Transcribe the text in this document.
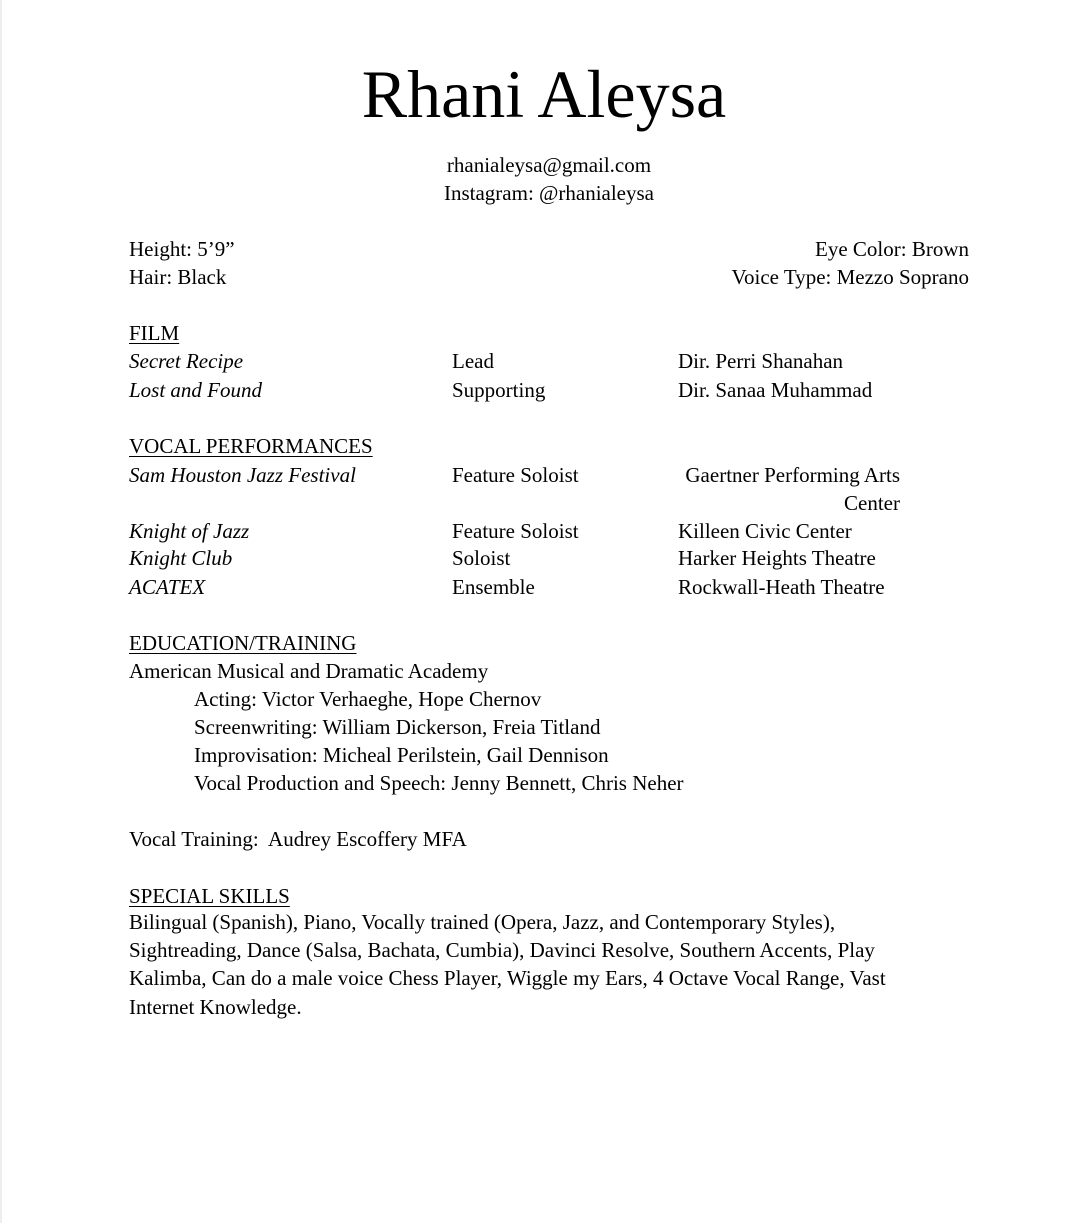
Rhani Aleysa
rhanialeysa@gmail.com
Instagram: @rhanialeysa
Height: 5’9”
Hair: Black
Eye Color: Brown
Voice Type: Mezzo Soprano
FILM
Secret Recipe	Lead	Dir. Perri Shanahan
Lost and Found	Supporting	Dir. Sanaa Muhammad
VOCAL PERFORMANCES
Sam Houston Jazz Festival	Feature Soloist	Gaertner Performing Arts Center
Knight of Jazz	Feature Soloist	Killeen Civic Center
Knight Club	Soloist	Harker Heights Theatre
ACATEX	Ensemble	Rockwall-Heath Theatre
EDUCATION/TRAINING
American Musical and Dramatic Academy
Acting: Victor Verhaeghe, Hope Chernov
Screenwriting: William Dickerson, Freia Titland
Improvisation: Micheal Perilstein, Gail Dennison
Vocal Production and Speech: Jenny Bennett, Chris Neher
Vocal Training:  Audrey Escoffery MFA
SPECIAL SKILLS
Bilingual (Spanish), Piano, Vocally trained (Opera, Jazz, and Contemporary Styles), Sightreading, Dance (Salsa, Bachata, Cumbia), Davinci Resolve, Southern Accents, Play Kalimba, Can do a male voice Chess Player, Wiggle my Ears, 4 Octave Vocal Range, Vast Internet Knowledge.
